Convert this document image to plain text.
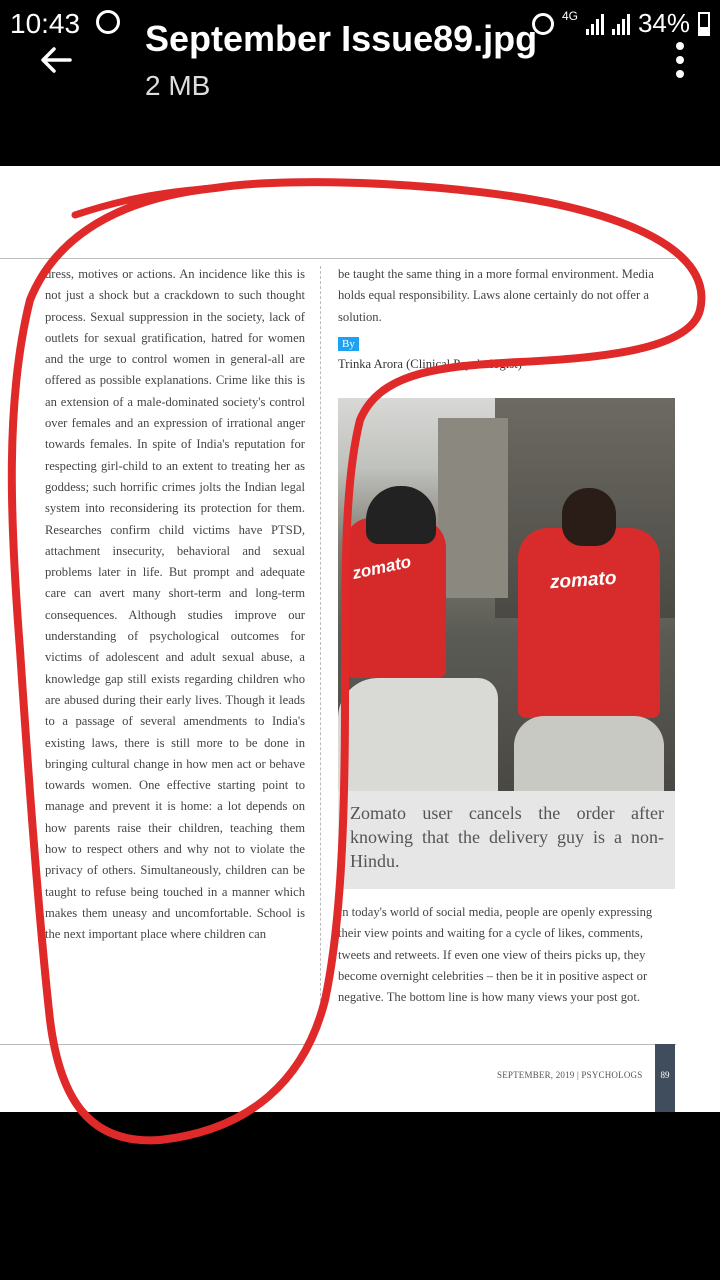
dress, motives or actions. An incidence like this is not just a shock but a crackdown to such thought process. Sexual suppression in the society, lack of outlets for sexual gratification, hatred for women and the urge to control women in general-all are offered as possible explanations. Crime like this is an extension of a male-dominated society's control over females and an expression of irrational anger towards females. In spite of India's reputation for respecting girl-child to an extent to treating her as goddess; such horrific crimes jolts the Indian legal system into reconsidering its protection for them. Researches confirm child victims have PTSD, attachment insecurity, behavioral and sexual problems later in life. But prompt and adequate care can avert many short-term and long-term consequences. Although studies improve our understanding of psychological outcomes for victims of adolescent and adult sexual abuse, a knowledge gap still exists regarding children who are abused during their early lives. Though it leads to a passage of several amendments to India's existing laws, there is still more to be done in bringing cultural change in how men act or behave towards women. One effective starting point to manage and prevent it is home: a lot depends on how parents raise their children, teaching them how to respect others and why not to violate the privacy of others. Simultaneously, children can be taught to refuse being touched in a manner which makes them uneasy and uncomfortable. School is the next important place where children can
be taught the same thing in a more formal environment. Media holds equal responsibility. Laws alone certainly do not offer a solution.
By
Trinka Arora (Clinical Psychologist)
zomato	zomato
Zomato user cancels the order after knowing that the delivery guy is a non-Hindu.
In today's world of social media, people are openly expressing their view points and waiting for a cycle of likes, comments, tweets and retweets. If even one view of theirs picks up, they become overnight celebrities – then be it in positive aspect or negative. The bottom line is how many views your post got.
SEPTEMBER, 2019 | PSYCHOLOGS	89
September Issue89.jpg
2 MB
10:43	4G 34%
